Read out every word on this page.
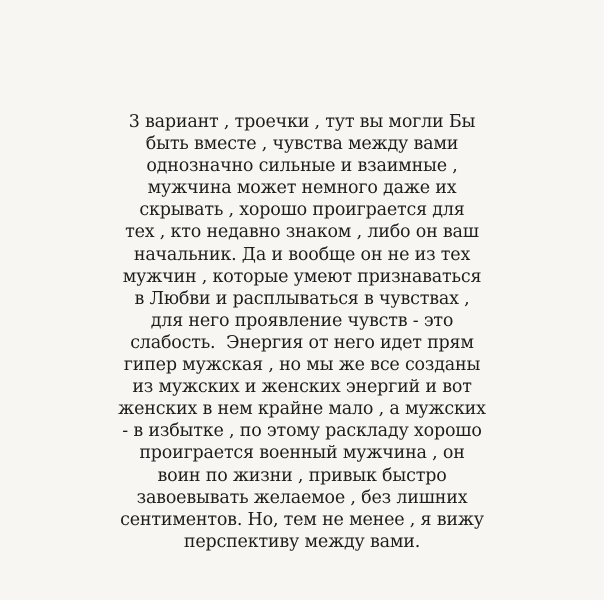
3 вариант , троечки , тут вы могли Бы
быть вместе , чувства между вами
однозначно сильные и взаимные ,
мужчина может немного даже их
скрывать , хорошо проиграется для
тех , кто недавно знаком , либо он ваш
начальник. Да и вообще он не из тех
мужчин , которые умеют признаваться
в Любви и расплываться в чувствах ,
для него проявление чувств - это
слабость.  Энергия от него идет прям
гипер мужская , но мы же все созданы
из мужских и женских энергий и вот
женских в нем крайне мало , а мужских
- в избытке , по этому раскладу хорошо
проиграется военный мужчина , он
воин по жизни , привык быстро
завоевывать желаемое , без лишних
сентиментов. Но, тем не менее , я вижу
перспективу между вами.
